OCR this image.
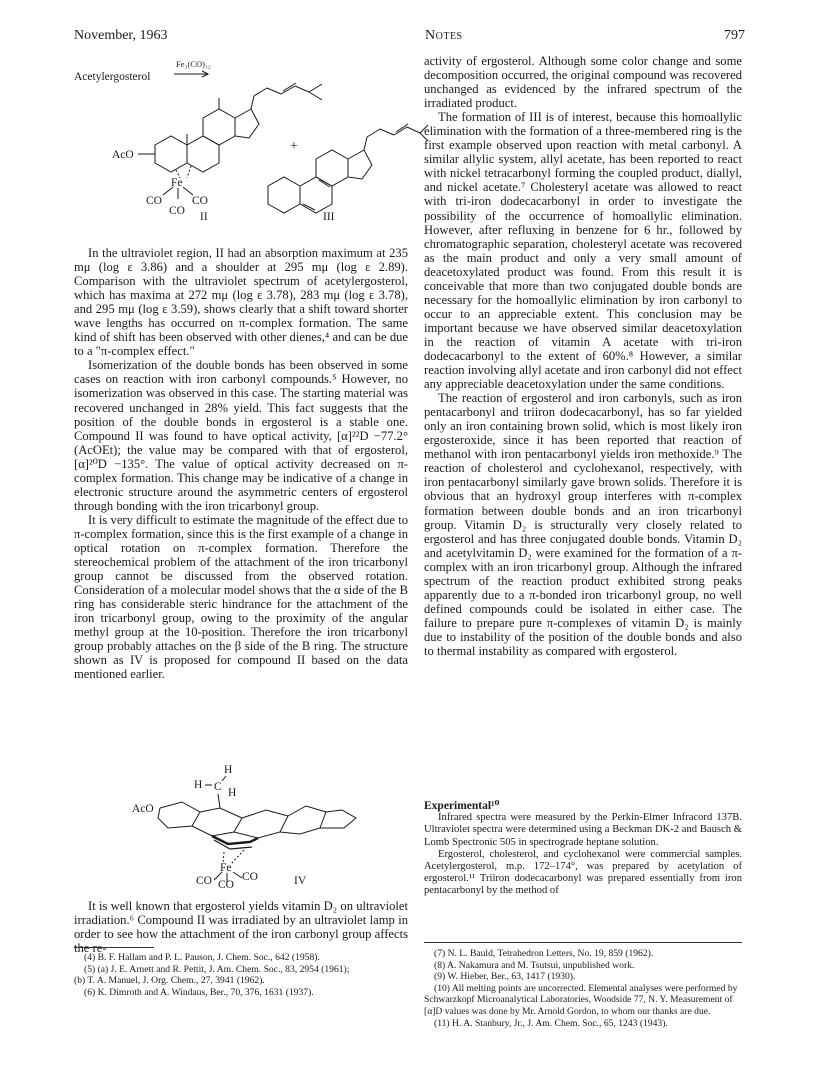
November, 1963	Notes	797
Acetylergosterol
Fe₃(CO)₁₂
AcO
Fe
CO	CO
CO II
+
III

In the ultraviolet region, II had an absorption maximum at 235 mμ (log ε 3.86) and a shoulder at 295 mμ (log ε 2.89). Comparison with the ultraviolet spectrum of acetylergosterol, which has maxima at 272 mμ (log ε 3.78), 283 mμ (log ε 3.78), and 295 mμ (log ε 3.59), shows clearly that a shift toward shorter wave lengths has occurred on π-complex formation. The same kind of shift has been observed with other dienes,⁴ and can be due to a "π-complex effect."

Isomerization of the double bonds has been observed in some cases on reaction with iron carbonyl compounds.⁵ However, no isomerization was observed in this case. The starting material was recovered unchanged in 28% yield. This fact suggests that the position of the double bonds in ergosterol is a stable one. Compound II was found to have optical activity, [α]²²D −77.2° (AcOEt); the value may be compared with that of ergosterol, [α]²⁰D −135°. The value of optical activity decreased on π-complex formation. This change may be indicative of a change in electronic structure around the asymmetric centers of ergosterol through bonding with the iron tricarbonyl group.

It is very difficult to estimate the magnitude of the effect due to π-complex formation, since this is the first example of a change in optical rotation on π-complex formation. Therefore the stereochemical problem of the attachment of the iron tricarbonyl group cannot be discussed from the observed rotation. Consideration of a molecular model shows that the α side of the B ring has considerable steric hindrance for the attachment of the iron tricarbonyl group, owing to the proximity of the angular methyl group at the 10-position. Therefore the iron tricarbonyl group probably attaches on the β side of the B ring. The structure shown as IV is proposed for compound II based on the data mentioned earlier.

H
H C H
AcO
Fe
CO	CO
CO	IV

It is well known that ergosterol yields vitamin D₂ on ultraviolet irradiation.⁶ Compound II was irradiated by an ultraviolet lamp in order to see how the attachment of the iron carbonyl group affects the re-

(4) B. F. Hallam and P. L. Pauson, J. Chem. Soc., 642 (1958).

(5) (a) J. E. Arnett and R. Pettit, J. Am. Chem. Soc., 83, 2954 (1961);

(b) T. A. Manuel, J. Org. Chem., 27, 3941 (1962).

(6) K. Dimroth and A. Windaus, Ber., 70, 376, 1631 (1937).

activity of ergosterol. Although some color change and some decomposition occurred, the original compound was recovered unchanged as evidenced by the infrared spectrum of the irradiated product.

The formation of III is of interest, because this homoallylic elimination with the formation of a three-membered ring is the first example observed upon reaction with metal carbonyl. A similar allylic system, allyl acetate, has been reported to react with nickel tetracarbonyl forming the coupled product, diallyl, and nickel acetate.⁷ Cholesteryl acetate was allowed to react with tri-iron dodecacarbonyl in order to investigate the possibility of the occurrence of homoallylic elimination. However, after refluxing in benzene for 6 hr., followed by chromatographic separation, cholesteryl acetate was recovered as the main product and only a very small amount of deacetoxylated product was found. From this result it is conceivable that more than two conjugated double bonds are necessary for the homoallylic elimination by iron carbonyl to occur to an appreciable extent. This conclusion may be important because we have observed similar deacetoxylation in the reaction of vitamin A acetate with tri-iron dodecacarbonyl to the extent of 60%.⁸ However, a similar reaction involving allyl acetate and iron carbonyl did not effect any appreciable deacetoxylation under the same conditions.

The reaction of ergosterol and iron carbonyls, such as iron pentacarbonyl and triiron dodecacarbonyl, has so far yielded only an iron containing brown solid, which is most likely iron ergosteroxide, since it has been reported that reaction of methanol with iron pentacarbonyl yields iron methoxide.⁹ The reaction of cholesterol and cyclohexanol, respectively, with iron pentacarbonyl similarly gave brown solids. Therefore it is obvious that an hydroxyl group interferes with π-complex formation between double bonds and an iron tricarbonyl group. Vitamin D₂ is structurally very closely related to ergosterol and has three conjugated double bonds. Vitamin D₂ and acetylvitamin D₂ were examined for the formation of a π-complex with an iron tricarbonyl group. Although the infrared spectrum of the reaction product exhibited strong peaks apparently due to a π-bonded iron tricarbonyl group, no well defined compounds could be isolated in either case. The failure to prepare pure π-complexes of vitamin D₂ is mainly due to instability of the position of the double bonds and also to thermal instability as compared with ergosterol.

Experimental¹⁰

Infrared spectra were measured by the Perkin-Elmer Infracord 137B. Ultraviolet spectra were determined using a Beckman DK-2 and Bausch & Lomb Spectronic 505 in spectrograde heptane solution.

Ergosterol, cholesterol, and cyclohexanol were commercial samples. Acetylergosterol, m.p. 172–174°, was prepared by acetylation of ergosterol.¹¹ Triiron dodecacarbonyl was prepared essentially from iron pentacarbonyl by the method of

(7) N. L. Bauld, Tetrahedron Letters, No. 19, 859 (1962).

(8) A. Nakamura and M. Tsutsui, unpublished work.

(9) W. Hieber, Ber., 63, 1417 (1930).

(10) All melting points are uncorrected. Elemental analyses were performed by Schwarzkopf Microanalytical Laboratories, Woodside 77, N. Y. Measurement of [α]D values was done by Mr. Arnold Gordon, to whom our thanks are due.

(11) H. A. Stanbury, Jr., J. Am. Chem. Soc., 65, 1243 (1943).
